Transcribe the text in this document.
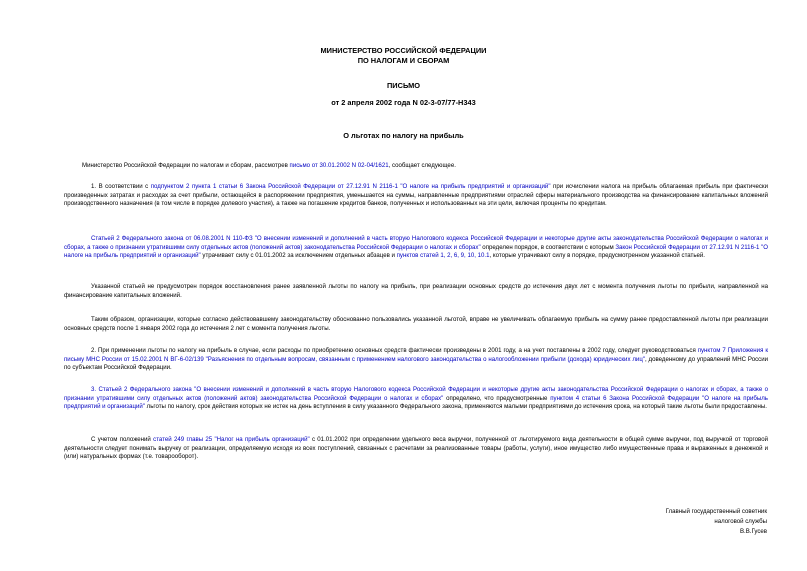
МИНИСТЕРСТВО РОССИЙСКОЙ ФЕДЕРАЦИИ
ПО НАЛОГАМ И СБОРАМ
ПИСЬМО
от 2 апреля 2002 года N 02-3-07/77-Н343
О льготах по налогу на прибыль
Министерство Российской Федерации по налогам и сборам, рассмотрев письмо от 30.01.2002 N 02-04/1621, сообщает следующее.
1. В соответствии с подпунктом 2 пункта 1 статьи 6 Закона Российской Федерации от 27.12.91 N 2116-1 "О налоге на прибыль предприятий и организаций" при исчислении налога на прибыль облагаемая прибыль при фактически произведенных затратах и расходах за счет прибыли, остающейся в распоряжении предприятия, уменьшается на суммы, направленные предприятиями отраслей сферы материального производства на финансирование капитальных вложений производственного назначения (в том числе в порядке долевого участия), а также на погашение кредитов банков, полученных и использованных на эти цели, включая проценты по кредитам.
Статьей 2 Федерального закона от 06.08.2001 N 110-ФЗ "О внесении изменений и дополнений в часть вторую Налогового кодекса Российской Федерации и некоторые другие акты законодательства Российской Федерации о налогах и сборах, а также о признании утратившими силу отдельных актов (положений актов) законодательства Российской Федерации о налогах и сборах" определен порядок, в соответствии с которым Закон Российской Федерации от 27.12.91 N 2116-1 "О налоге на прибыль предприятий и организаций" утрачивает силу с 01.01.2002 за исключением отдельных абзацев и пунктов статей 1, 2, 6, 9, 10, 10.1, которые утрачивают силу в порядке, предусмотренном указанной статьей.
Указанной статьей не предусмотрен порядок восстановления ранее заявленной льготы по налогу на прибыль, при реализации основных средств до истечения двух лет с момента получения льготы по прибыли, направленной на финансирование капитальных вложений.
Таким образом, организации, которые согласно действовавшему законодательству обоснованно пользовались указанной льготой, вправе не увеличивать облагаемую прибыль на сумму ранее предоставленной льготы при реализации основных средств после 1 января 2002 года до истечения 2 лет с момента получения льготы.
2. При применении льготы по налогу на прибыль в случае, если расходы по приобретению основных средств фактически произведены в 2001 году, а на учет поставлены в 2002 году, следует руководствоваться пунктом 7 Приложения к письму МНС России от 15.02.2001 N ВГ-6-02/139 "Разъяснения по отдельным вопросам, связанным с применением налогового законодательства о налогообложении прибыли (дохода) юридических лиц", доведенному до управлений МНС России по субъектам Российской Федерации.
3. Статьей 2 Федерального закона "О внесении изменений и дополнений в часть вторую Налогового кодекса Российской Федерации и некоторые другие акты законодательства Российской Федерации о налогах и сборах, а также о признании утратившими силу отдельных актов (положений актов) законодательства Российской Федерации о налогах и сборах" определено, что предусмотренные пунктом 4 статьи 6 Закона Российской Федерации "О налоге на прибыль предприятий и организаций" льготы по налогу, срок действия которых не истек на день вступления в силу указанного Федерального закона, применяются малыми предприятиями до истечения срока, на который такие льготы были предоставлены.
С учетом положений статей 249 главы 25 "Налог на прибыль организаций" с 01.01.2002 при определении удельного веса выручки, полученной от льготируемого вида деятельности в общей сумме выручки, под выручкой от торговой деятельности следует понимать выручку от реализации, определяемую исходя из всех поступлений, связанных с расчетами за реализованные товары (работы, услуги), иное имущество либо имущественные права и выраженных в денежной и (или) натуральных формах (т.е. товарооборот).
Главный государственный советник
налоговой службы
В.В.Гусев
